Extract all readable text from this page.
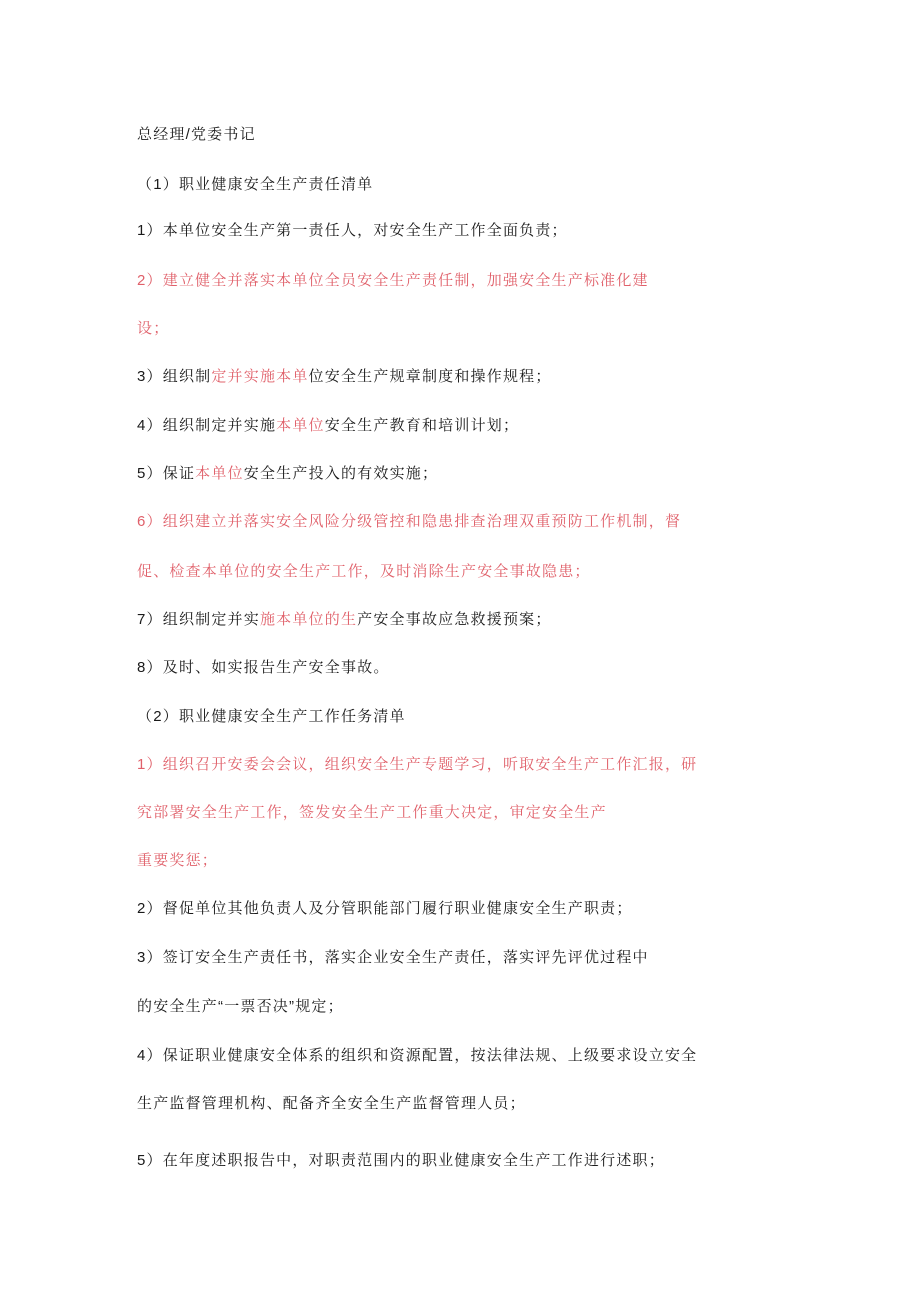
总经理/党委书记
（1）职业健康安全生产责任清单
1）本单位安全生产第一责任人，对安全生产工作全面负责；
2）建立健全并落实本单位全员安全生产责任制，加强安全生产标准化建
设；
3）组织制定并实施本单位安全生产规章制度和操作规程；
4）组织制定并实施本单位安全生产教育和培训计划；
5）保证本单位安全生产投入的有效实施；
6）组织建立并落实安全风险分级管控和隐患排查治理双重预防工作机制，督
促、检查本单位的安全生产工作，及时消除生产安全事故隐患；
7）组织制定并实施本单位的生产安全事故应急救援预案；
8）及时、如实报告生产安全事故。
（2）职业健康安全生产工作任务清单
1）组织召开安委会会议，组织安全生产专题学习，听取安全生产工作汇报，研
究部署安全生产工作，签发安全生产工作重大决定，审定安全生产
重要奖惩；
2）督促单位其他负责人及分管职能部门履行职业健康安全生产职责；
3）签订安全生产责任书，落实企业安全生产责任，落实评先评优过程中
的安全生产“一票否决”规定；
4）保证职业健康安全体系的组织和资源配置，按法律法规、上级要求设立安全
生产监督管理机构、配备齐全安全生产监督管理人员；
5）在年度述职报告中，对职责范围内的职业健康安全生产工作进行述职；
